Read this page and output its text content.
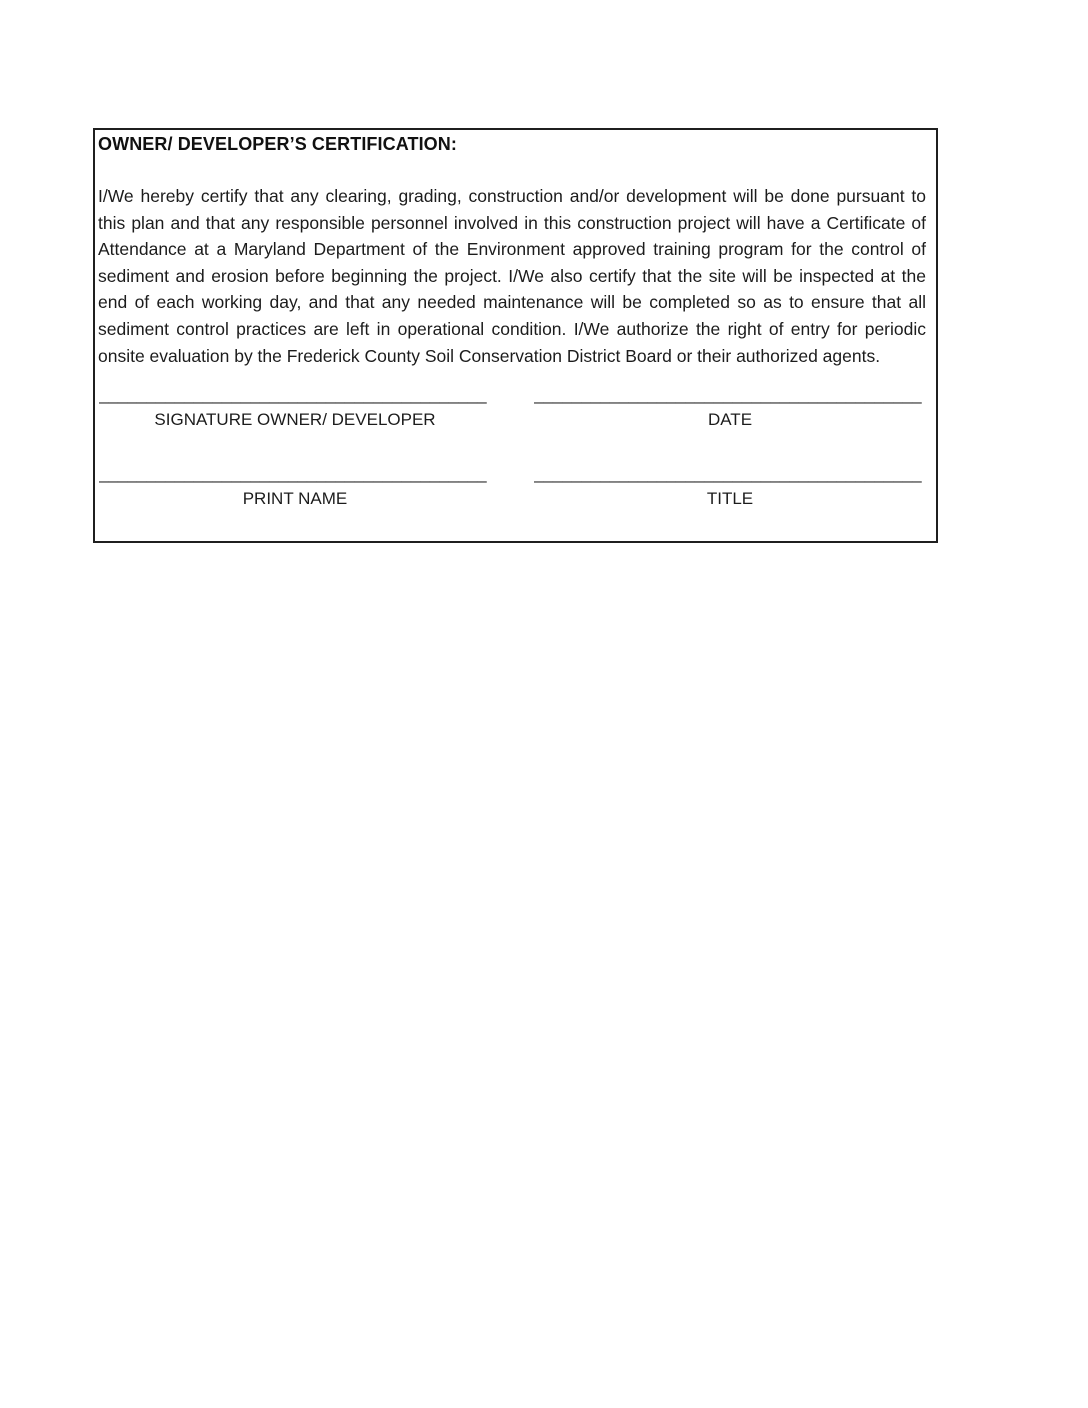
OWNER/ DEVELOPER’S CERTIFICATION:

I/We hereby certify that any clearing, grading, construction and/or development will be done pursuant to this plan and that any responsible personnel involved in this construction project will have a Certificate of Attendance at a Maryland Department of the Environment approved training program for the control of sediment and erosion before beginning the project. I/We also certify that the site will be inspected at the end of each working day, and that any needed maintenance will be completed so as to ensure that all sediment control practices are left in operational condition. I/We authorize the right of entry for periodic onsite evaluation by the Frederick County Soil Conservation District Board or their authorized agents.

_________________________________________
SIGNATURE OWNER/ DEVELOPER
_________________________________________
DATE
_________________________________________
PRINT NAME
_________________________________________
TITLE
